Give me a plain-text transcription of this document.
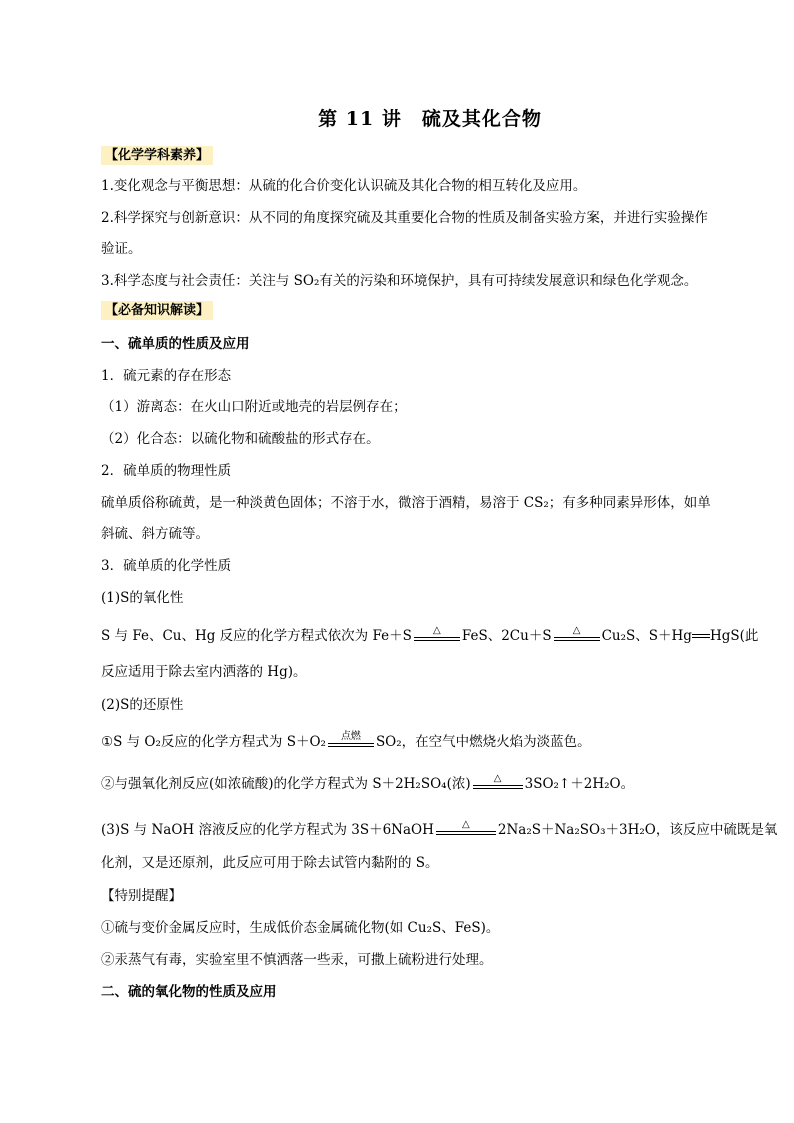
第 11 讲　硫及其化合物
【化学学科素养】
1.变化观念与平衡思想：从硫的化合价变化认识硫及其化合物的相互转化及应用。
2.科学探究与创新意识：从不同的角度探究硫及其重要化合物的性质及制备实验方案，并进行实验操作
验证。
3.科学态度与社会责任：关注与 SO₂有关的污染和环境保护，具有可持续发展意识和绿色化学观念。
【必备知识解读】
一、硫单质的性质及应用
1．硫元素的存在形态
（1）游离态：在火山口附近或地壳的岩层例存在；
（2）化合态：以硫化物和硫酸盐的形式存在。
2．硫单质的物理性质
硫单质俗称硫黄，是一种淡黄色固体；不溶于水，微溶于酒精，易溶于 CS₂；有多种同素异形体，如单
斜硫、斜方硫等。
3．硫单质的化学性质
(1)S的氧化性
S 与 Fe、Cu、Hg 反应的化学方程式依次为 Fe＋S	△	FeS、2Cu＋S	△	Cu₂S、S＋Hg HgS(此
反应适用于除去室内洒落的 Hg)。
(2)S的还原性
①S 与 O₂反应的化学方程式为 S＋O₂	点燃	SO₂，在空气中燃烧火焰为淡蓝色。
②与强氧化剂反应(如浓硫酸)的化学方程式为 S＋2H₂SO₄(浓)	△	3SO₂↑＋2H₂O。
(3)S 与 NaOH 溶液反应的化学方程式为 3S＋6NaOH	△	2Na₂S＋Na₂SO₃＋3H₂O，该反应中硫既是氧
化剂，又是还原剂，此反应可用于除去试管内黏附的 S。
【特别提醒】
①硫与变价金属反应时，生成低价态金属硫化物(如 Cu₂S、FeS)。
②汞蒸气有毒，实验室里不慎洒落一些汞，可撒上硫粉进行处理。
二、硫的氧化物的性质及应用
